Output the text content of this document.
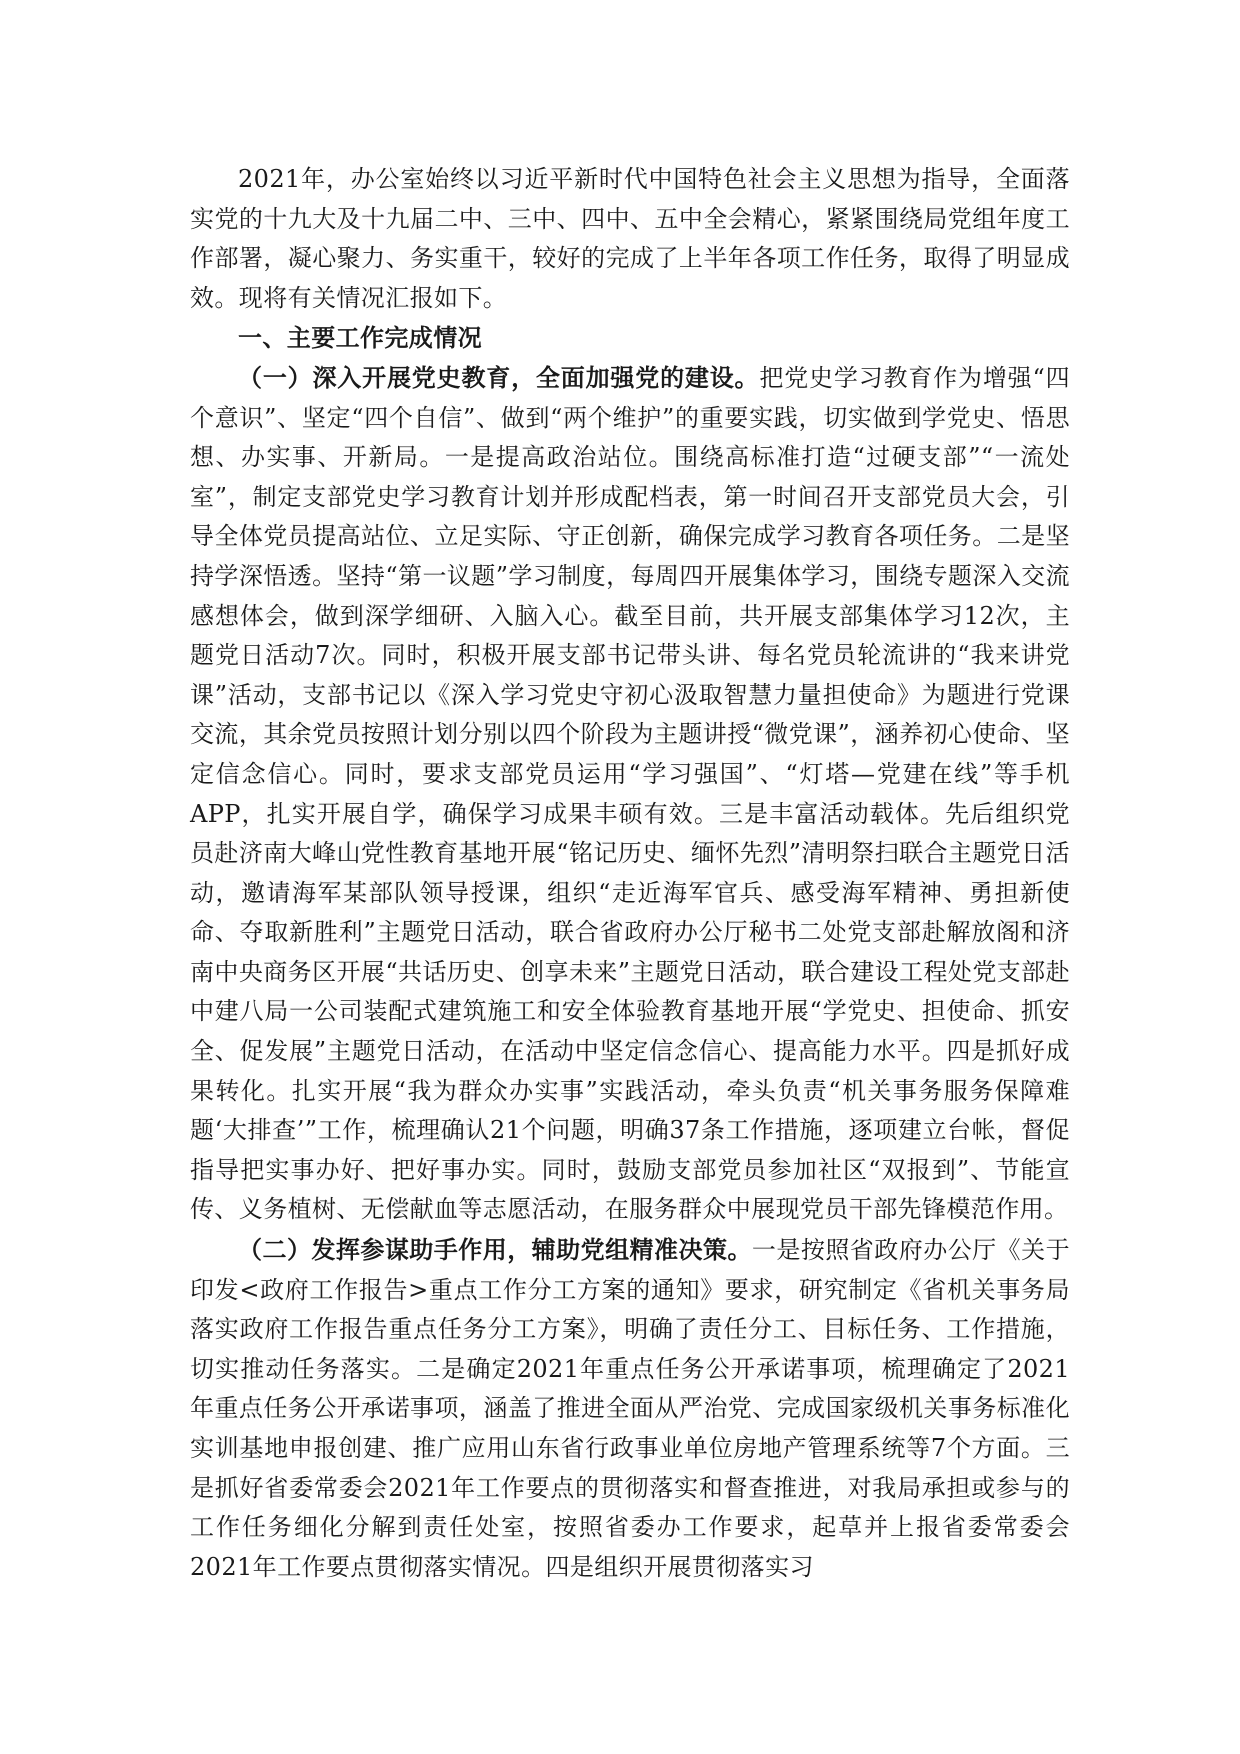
2021年，办公室始终以习近平新时代中国特色社会主义思想为指导，全面落实党的十九大及十九届二中、三中、四中、五中全会精心，紧紧围绕局党组年度工作部署，凝心聚力、务实重干，较好的完成了上半年各项工作任务，取得了明显成效。现将有关情况汇报如下。

一、主要工作完成情况

（一）深入开展党史教育，全面加强党的建设。把党史学习教育作为增强“四个意识”、坚定“四个自信”、做到“两个维护”的重要实践，切实做到学党史、悟思想、办实事、开新局。一是提高政治站位。围绕高标准打造“过硬支部”“一流处室”，制定支部党史学习教育计划并形成配档表，第一时间召开支部党员大会，引导全体党员提高站位、立足实际、守正创新，确保完成学习教育各项任务。二是坚持学深悟透。坚持“第一议题”学习制度，每周四开展集体学习，围绕专题深入交流感想体会，做到深学细研、入脑入心。截至目前，共开展支部集体学习12次，主题党日活动7次。同时，积极开展支部书记带头讲、每名党员轮流讲的“我来讲党课”活动，支部书记以《深入学习党史守初心汲取智慧力量担使命》为题进行党课交流，其余党员按照计划分别以四个阶段为主题讲授“微党课”，涵养初心使命、坚定信念信心。同时，要求支部党员运用“学习强国”、“灯塔—党建在线”等手机APP，扎实开展自学，确保学习成果丰硕有效。三是丰富活动载体。先后组织党员赴济南大峰山党性教育基地开展“铭记历史、缅怀先烈”清明祭扫联合主题党日活动，邀请海军某部队领导授课，组织“走近海军官兵、感受海军精神、勇担新使命、夺取新胜利”主题党日活动，联合省政府办公厅秘书二处党支部赴解放阁和济南中央商务区开展“共话历史、创享未来”主题党日活动，联合建设工程处党支部赴中建八局一公司装配式建筑施工和安全体验教育基地开展“学党史、担使命、抓安全、促发展”主题党日活动，在活动中坚定信念信心、提高能力水平。四是抓好成果转化。扎实开展“我为群众办实事”实践活动，牵头负责“机关事务服务保障难题‘大排查’”工作，梳理确认21个问题，明确37条工作措施，逐项建立台帐，督促指导把实事办好、把好事办实。同时，鼓励支部党员参加社区“双报到”、节能宣传、义务植树、无偿献血等志愿活动，在服务群众中展现党员干部先锋模范作用。

（二）发挥参谋助手作用，辅助党组精准决策。一是按照省政府办公厅《关于印发<政府工作报告>重点工作分工方案的通知》要求，研究制定《省机关事务局落实政府工作报告重点任务分工方案》，明确了责任分工、目标任务、工作措施，切实推动任务落实。二是确定2021年重点任务公开承诺事项，梳理确定了2021年重点任务公开承诺事项，涵盖了推进全面从严治党、完成国家级机关事务标准化实训基地申报创建、推广应用山东省行政事业单位房地产管理系统等7个方面。三是抓好省委常委会2021年工作要点的贯彻落实和督查推进，对我局承担或参与的工作任务细化分解到责任处室，按照省委办工作要求，起草并上报省委常委会2021年工作要点贯彻落实情况。四是组织开展贯彻落实习
